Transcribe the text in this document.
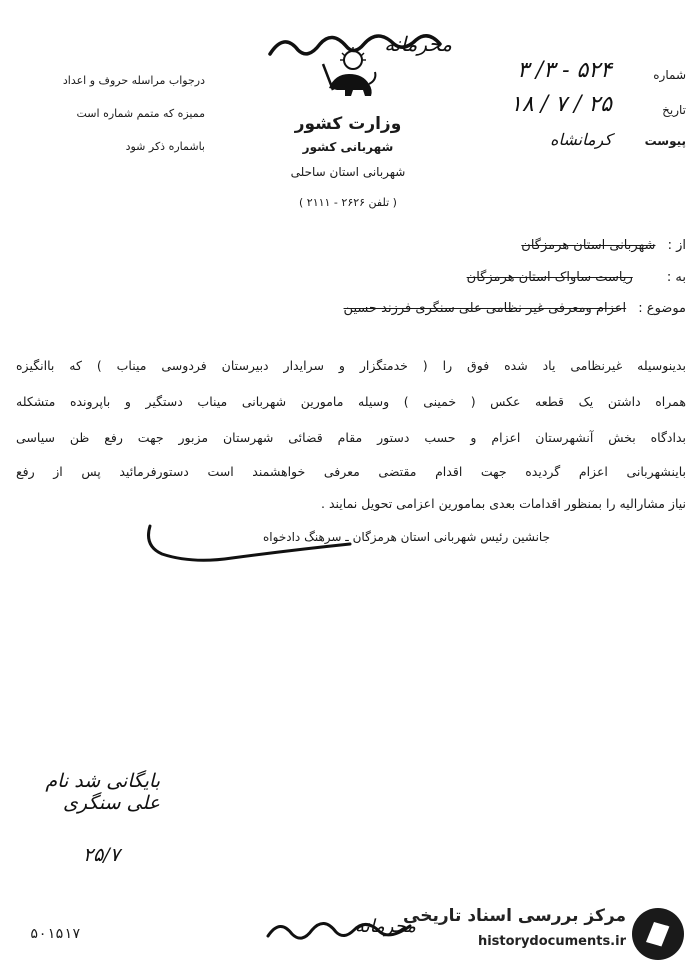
محرمانه
وزارت کشور
شهربانی کشور
شهربانی استان ساحلی
( تلفن ۲۶۲۶ - ۲۱۱۱ )
درجواب مراسله حروف و اعداد
ممیزه که متمم شماره است
باشماره ذکر شود
شماره
۵۲۴ - ۳/ ۳
تاریخ
۲۵ / ۷ / ۱۸
پیوست
کرمانشاه
از : شهربانی استان هرمزگان
به : ریاست ساواک استان هرمزگان
موضوع : اعزام ومعرفی غیر نظامی علی سنگری فرزند حسین
بدینوسیله غیرنظامی یاد شده فوق را ( خدمتگزار و سرایدار دبیرستان فردوسی میناب ) که باانگیزه
همراه داشتن یک قطعه عکس ( خمینی ) وسیله مامورین شهربانی میناب دستگیر و باپرونده متشکله
بدادگاه بخش آنشهرستان اعزام و حسب دستور مقام قضائی شهرستان مزبور جهت رفع ظن سیاسی
باینشهربانی اعزام گردیده جهت اقدام مقتضی معرفی خواهشمند است دستورفرمائید پس از رفع
نیاز مشارالیه را بمنظور اقدامات بعدی بمامورین اعزامی تحویل نمایند .
جانشین رئیس شهربانی استان هرمزگان ـ سرهنگ دادخواه
بایگانی شد نام علی سنگری
۲۵/۷
۵۰۱۵۱۷	محرمانه
مرکز بررسی اسناد تاریخی
historydocuments.ir
